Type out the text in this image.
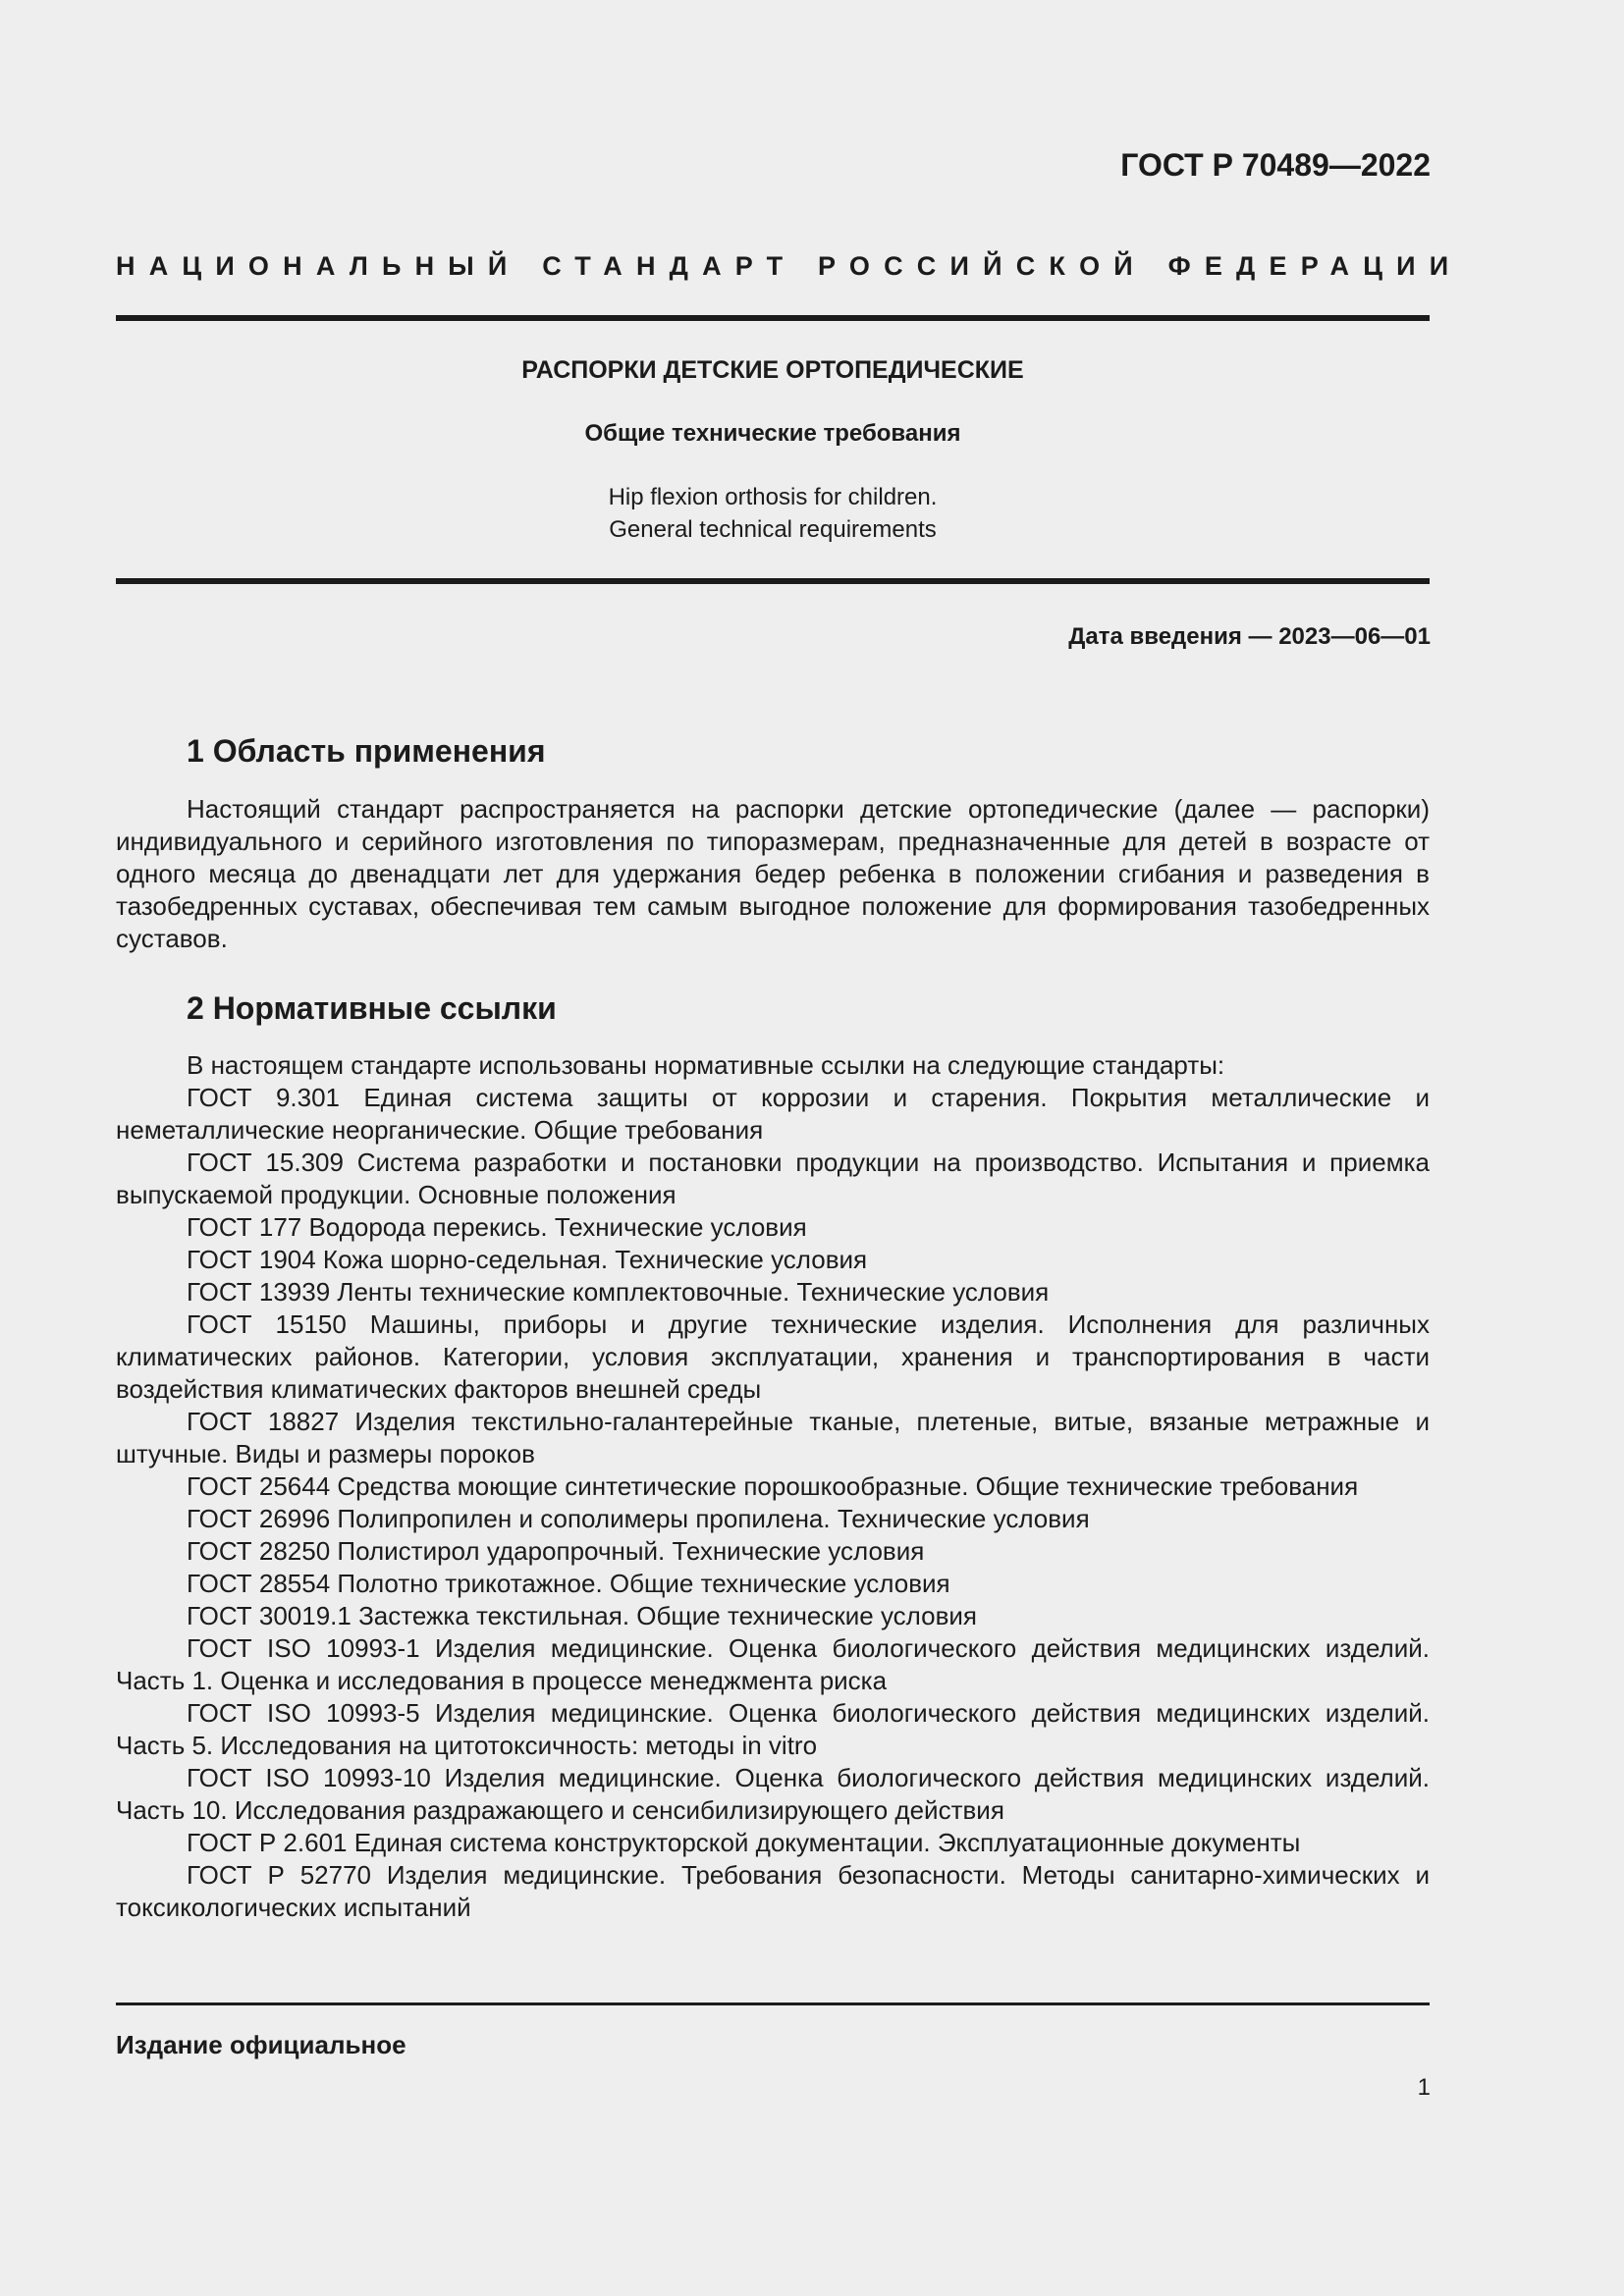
ГОСТ Р 70489—2022
НАЦИОНАЛЬНЫЙ СТАНДАРТ РОССИЙСКОЙ ФЕДЕРАЦИИ
РАСПОРКИ ДЕТСКИЕ ОРТОПЕДИЧЕСКИЕ
Общие технические требования
Hip flexion orthosis for children.
General technical requirements
Дата введения — 2023—06—01
1 Область применения

Настоящий стандарт распространяется на распорки детские ортопедические (далее — распорки) индивидуального и серийного изготовления по типоразмерам, предназначенные для детей в возрасте от одного месяца до двенадцати лет для удержания бедер ребенка в положении сгибания и разведения в тазобедренных суставах, обеспечивая тем самым выгодное положение для формирования тазобедренных суставов.

2 Нормативные ссылки

В настоящем стандарте использованы нормативные ссылки на следующие стандарты:

ГОСТ 9.301 Единая система защиты от коррозии и старения. Покрытия металлические и неметаллические неорганические. Общие требования

ГОСТ 15.309 Система разработки и постановки продукции на производство. Испытания и приемка выпускаемой продукции. Основные положения

ГОСТ 177 Водорода перекись. Технические условия

ГОСТ 1904 Кожа шорно-седельная. Технические условия

ГОСТ 13939 Ленты технические комплектовочные. Технические условия

ГОСТ 15150 Машины, приборы и другие технические изделия. Исполнения для различных климатических районов. Категории, условия эксплуатации, хранения и транспортирования в части воздействия климатических факторов внешней среды

ГОСТ 18827 Изделия текстильно-галантерейные тканые, плетеные, витые, вязаные метражные и штучные. Виды и размеры пороков

ГОСТ 25644 Средства моющие синтетические порошкообразные. Общие технические требования

ГОСТ 26996 Полипропилен и сополимеры пропилена. Технические условия

ГОСТ 28250 Полистирол ударопрочный. Технические условия

ГОСТ 28554 Полотно трикотажное. Общие технические условия

ГОСТ 30019.1 Застежка текстильная. Общие технические условия

ГОСТ ISO 10993-1 Изделия медицинские. Оценка биологического действия медицинских изделий. Часть 1. Оценка и исследования в процессе менеджмента риска

ГОСТ ISO 10993-5 Изделия медицинские. Оценка биологического действия медицинских изделий. Часть 5. Исследования на цитотоксичность: методы in vitro

ГОСТ ISO 10993-10 Изделия медицинские. Оценка биологического действия медицинских изделий. Часть 10. Исследования раздражающего и сенсибилизирующего действия

ГОСТ Р 2.601 Единая система конструкторской документации. Эксплуатационные документы

ГОСТ Р 52770 Изделия медицинские. Требования безопасности. Методы санитарно-химических и токсикологических испытаний

Издание официальное
1
